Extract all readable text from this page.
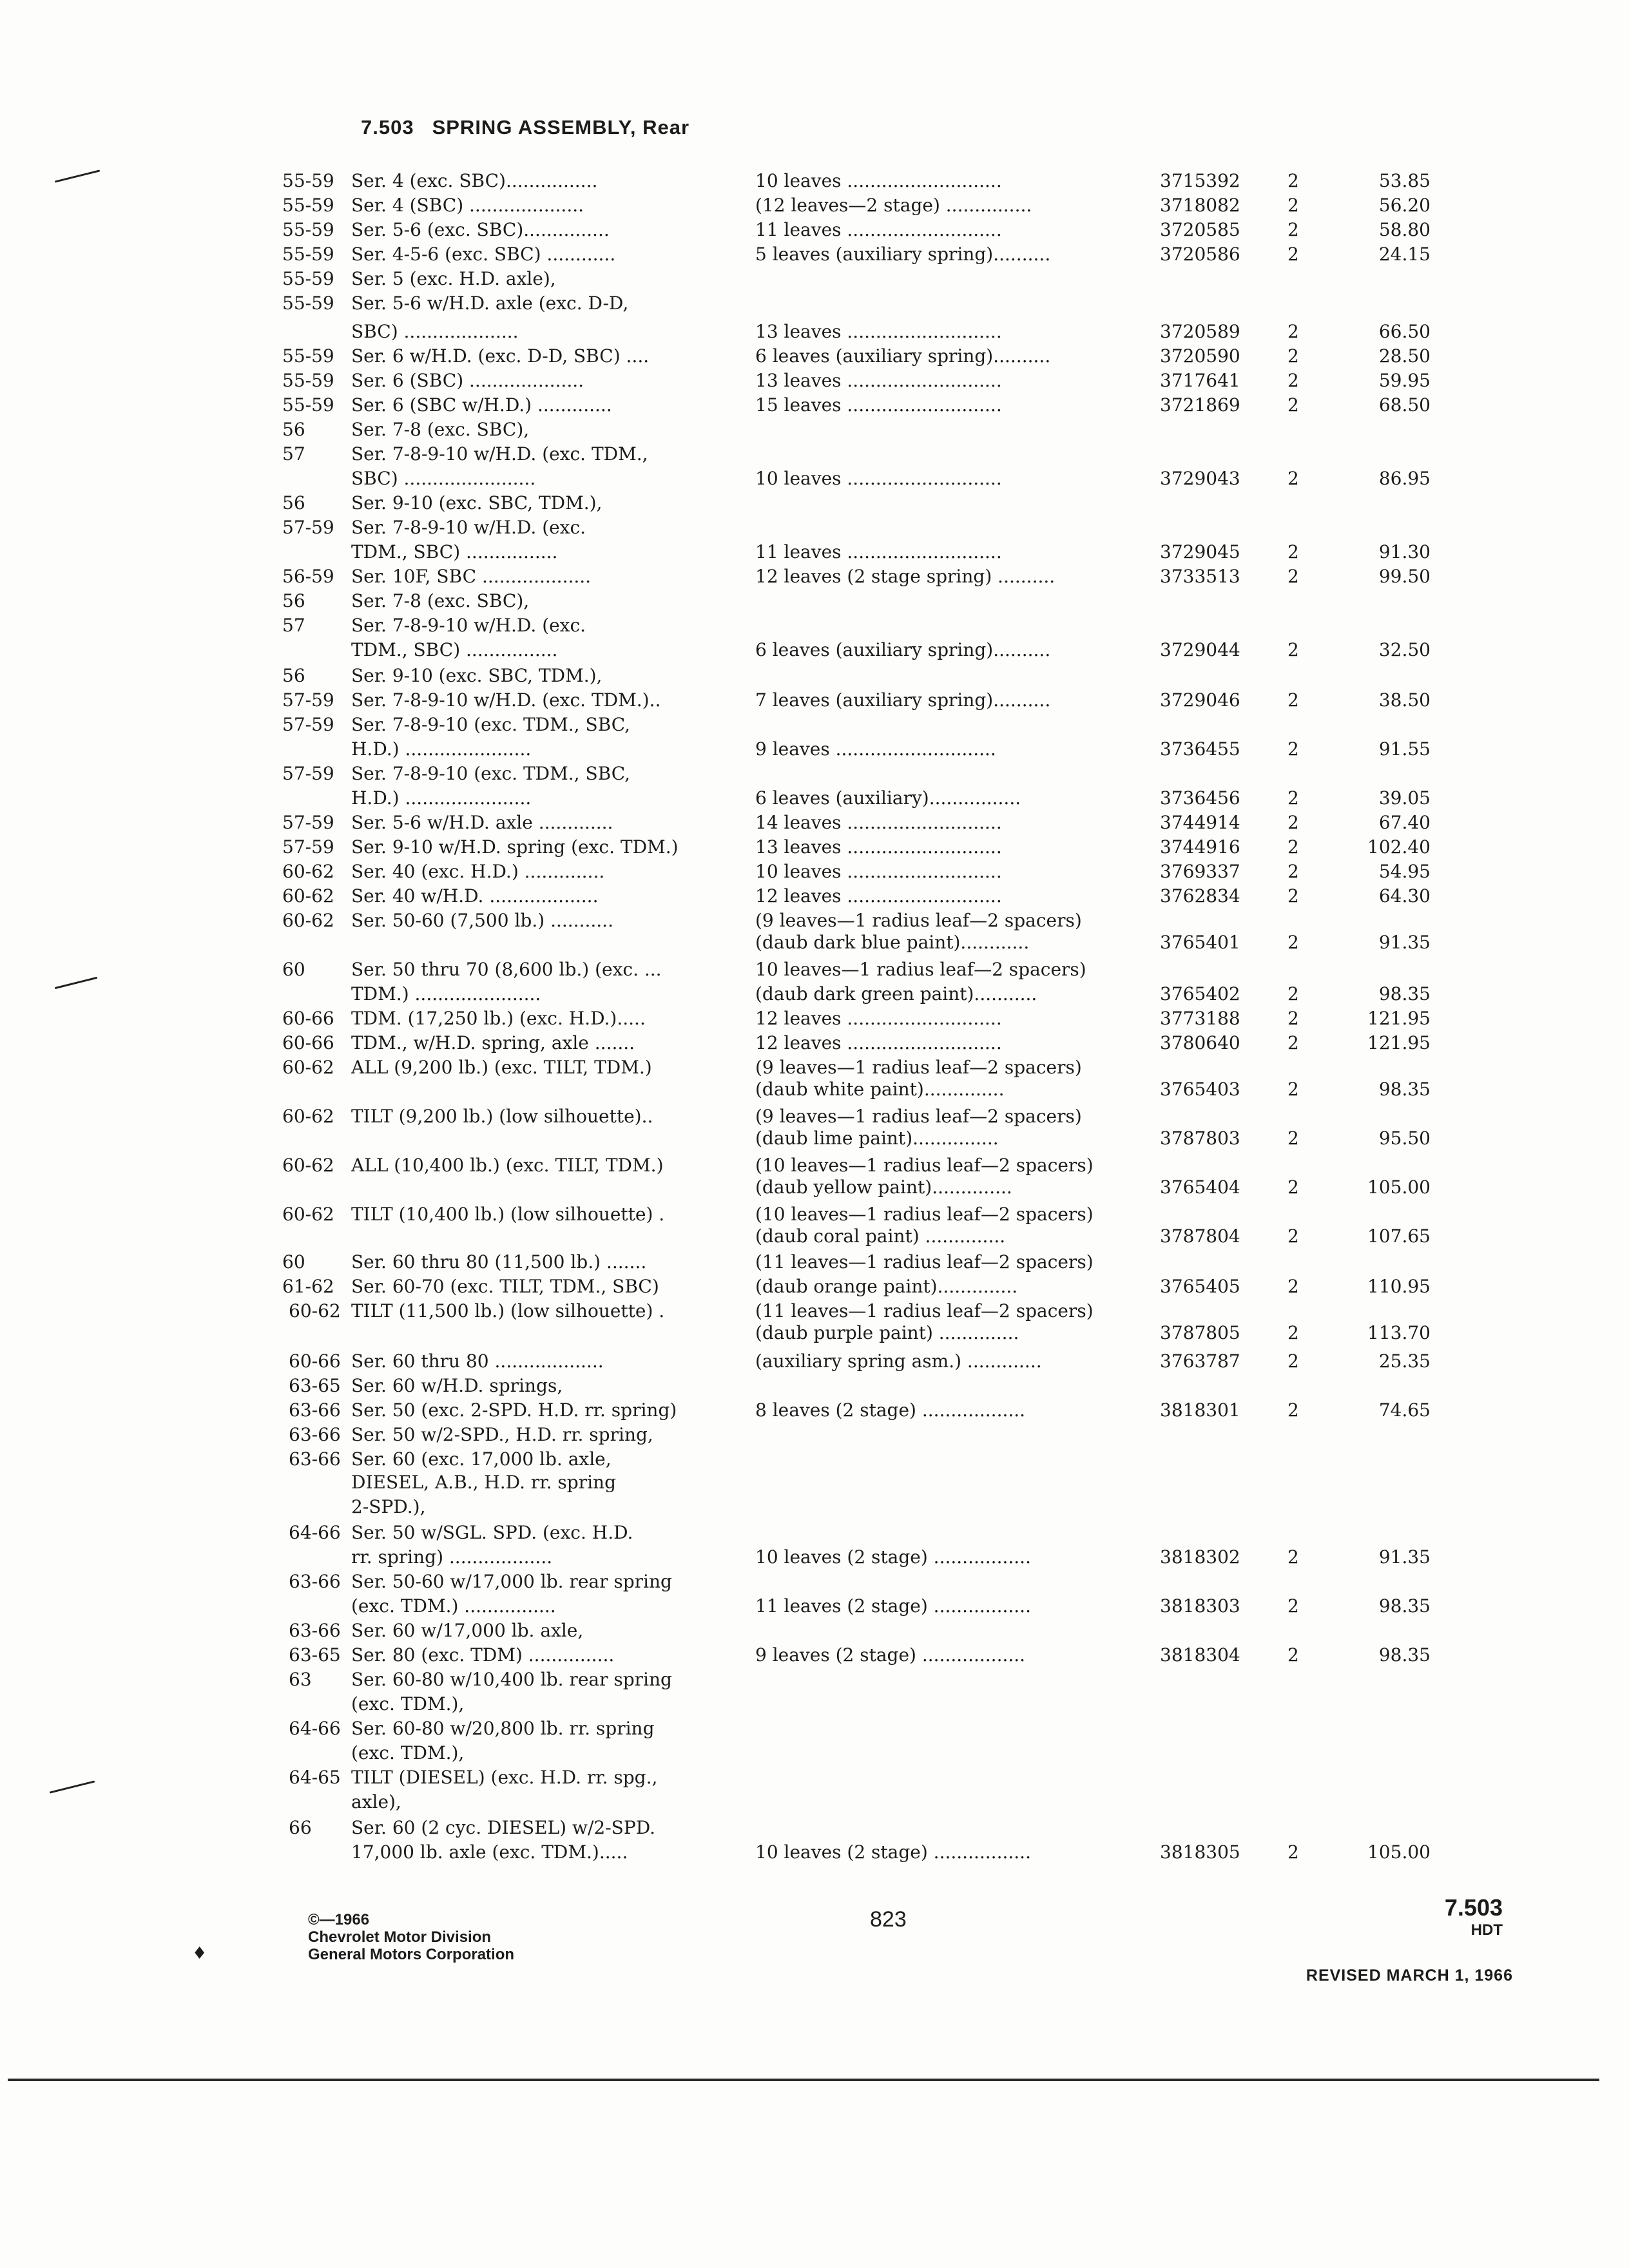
7.503 SPRING ASSEMBLY, Rear
55-59 Ser. 4 (exc. SBC)................	10 leaves ...........................	3715392	2	53.85
55-59 Ser. 4 (SBC) ....................	(12 leaves—2 stage) ...............	3718082	2	56.20
55-59 Ser. 5-6 (exc. SBC)...............	11 leaves ...........................	3720585	2	58.80
55-59 Ser. 4-5-6 (exc. SBC) ............	5 leaves (auxiliary spring)..........	3720586	2	24.15
55-59 Ser. 5 (exc. H.D. axle),
55-59 Ser. 5-6 w/H.D. axle (exc. D-D,
SBC) ....................	13 leaves ...........................	3720589	2	66.50
55-59 Ser. 6 w/H.D. (exc. D-D, SBC) ....	6 leaves (auxiliary spring)..........	3720590	2	28.50
55-59 Ser. 6 (SBC) ....................	13 leaves ...........................	3717641	2	59.95
55-59 Ser. 6 (SBC w/H.D.) .............	15 leaves ...........................	3721869	2	68.50
56	Ser. 7-8 (exc. SBC),
57	Ser. 7-8-9-10 w/H.D. (exc. TDM.,
SBC) .......................	10 leaves ...........................	3729043	2	86.95
56	Ser. 9-10 (exc. SBC, TDM.),
57-59 Ser. 7-8-9-10 w/H.D. (exc.
TDM., SBC) ................	11 leaves ...........................	3729045	2	91.30
56-59 Ser. 10F, SBC ...................	12 leaves (2 stage spring) ..........	3733513	2	99.50
56	Ser. 7-8 (exc. SBC),
57	Ser. 7-8-9-10 w/H.D. (exc.
TDM., SBC) ................	6 leaves (auxiliary spring)..........	3729044	2	32.50
56	Ser. 9-10 (exc. SBC, TDM.),
57-59 Ser. 7-8-9-10 w/H.D. (exc. TDM.)..	7 leaves (auxiliary spring)..........	3729046	2	38.50
57-59 Ser. 7-8-9-10 (exc. TDM., SBC,
H.D.) ......................	9 leaves ............................	3736455	2	91.55
57-59 Ser. 7-8-9-10 (exc. TDM., SBC,
H.D.) ......................	6 leaves (auxiliary)................	3736456	2	39.05
57-59 Ser. 5-6 w/H.D. axle .............	14 leaves ...........................	3744914	2	67.40
57-59 Ser. 9-10 w/H.D. spring (exc. TDM.)	13 leaves ...........................	3744916	2	102.40
60-62 Ser. 40 (exc. H.D.) ..............	10 leaves ...........................	3769337	2	54.95
60-62 Ser. 40 w/H.D. ...................	12 leaves ...........................	3762834	2	64.30
60-62 Ser. 50-60 (7,500 lb.) ...........	(9 leaves—1 radius leaf—2 spacers)
(daub dark blue paint)............	3765401	2	91.35
60	Ser. 50 thru 70 (8,600 lb.) (exc. ...	10 leaves—1 radius leaf—2 spacers)
TDM.) ......................	(daub dark green paint)...........	3765402	2	98.35
60-66 TDM. (17,250 lb.) (exc. H.D.).....	12 leaves ...........................	3773188	2	121.95
60-66 TDM., w/H.D. spring, axle .......	12 leaves ...........................	3780640	2	121.95
60-62 ALL (9,200 lb.) (exc. TILT, TDM.)	(9 leaves—1 radius leaf—2 spacers)
(daub white paint)..............	3765403	2	98.35
60-62 TILT (9,200 lb.) (low silhouette)..	(9 leaves—1 radius leaf—2 spacers)
(daub lime paint)...............	3787803	2	95.50
60-62 ALL (10,400 lb.) (exc. TILT, TDM.)	(10 leaves—1 radius leaf—2 spacers)
(daub yellow paint)..............	3765404	2	105.00
60-62 TILT (10,400 lb.) (low silhouette) .	(10 leaves—1 radius leaf—2 spacers)
(daub coral paint) ..............	3787804	2	107.65
60	Ser. 60 thru 80 (11,500 lb.) .......	(11 leaves—1 radius leaf—2 spacers)
61-62 Ser. 60-70 (exc. TILT, TDM., SBC)	(daub orange paint)..............	3765405	2	110.95
60-62 TILT (11,500 lb.) (low silhouette) .	(11 leaves—1 radius leaf—2 spacers)
(daub purple paint) ..............	3787805	2	113.70
60-66 Ser. 60 thru 80 ...................	(auxiliary spring asm.) .............	3763787	2	25.35
63-65 Ser. 60 w/H.D. springs,
63-66 Ser. 50 (exc. 2-SPD. H.D. rr. spring)	8 leaves (2 stage) ..................	3818301	2	74.65
63-66 Ser. 50 w/2-SPD., H.D. rr. spring,
63-66 Ser. 60 (exc. 17,000 lb. axle,
DIESEL, A.B., H.D. rr. spring
2-SPD.),
64-66 Ser. 50 w/SGL. SPD. (exc. H.D.
rr. spring) ..................	10 leaves (2 stage) .................	3818302	2	91.35
63-66 Ser. 50-60 w/17,000 lb. rear spring
(exc. TDM.) ................	11 leaves (2 stage) .................	3818303	2	98.35
63-66 Ser. 60 w/17,000 lb. axle,
63-65 Ser. 80 (exc. TDM) ...............	9 leaves (2 stage) ..................	3818304	2	98.35
63 Ser. 60-80 w/10,400 lb. rear spring
(exc. TDM.),
64-66 Ser. 60-80 w/20,800 lb. rr. spring
(exc. TDM.),
64-65 TILT (DIESEL) (exc. H.D. rr. spg.,
axle),
66 Ser. 60 (2 cyc. DIESEL) w/2-SPD.
17,000 lb. axle (exc. TDM.).....	10 leaves (2 stage) .................	3818305	2	105.00
©—1966
Chevrolet Motor Division
General Motors Corporation
♦
823	7.503
HDT
REVISED MARCH 1, 1966
